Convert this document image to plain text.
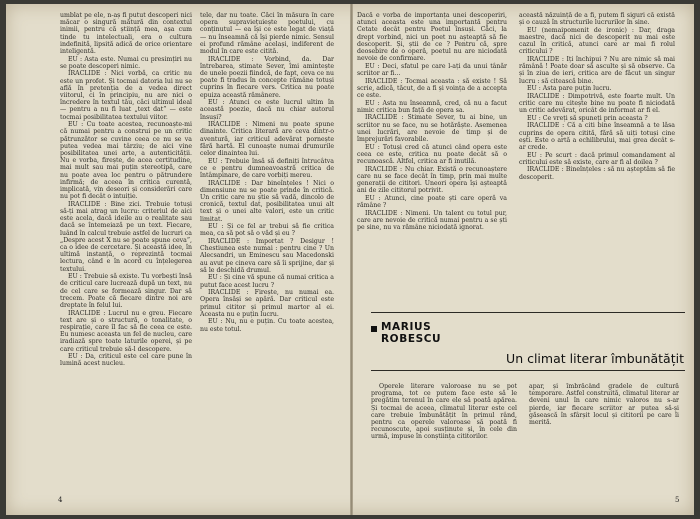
umblat pe ele, n-aș fi putut descoperi nici măcar o singură mătură din contextul inimii, pentru că știință mea, așa cum tinde tu intelectuali, era o cultura indefinită, lipsită adică de orice orientare inteligentă.

EU : Asta este. Numai cu presimțiri nu se poate descoperi nimic.

IRACLIDE : Nici vorbă, ca critic nu este un profet. Și tocmai datoria lui nu se află în pretenția de a vedea direct viitorul, ci în principiu, nu are nici o încredere în textul tău, căci ultimul ideal — pentru a nu fi luat „text dat” — este tocmai posibilitatea textului viitor.

EU : Cu toate acestea, recunoaște-mi că numai pentru a construi pe un critic pătrunzător se cuvine ceea ce nu se va putea vedea mai târziu; de aici vine posibilitatea unei arte, a autenticității. Nu e vorba, firește, de acea certitudine, mai mult sau mai puțin stereotipă, care nu poate avea loc pentru o pătrundere infirmă; de aceea în critica curentă, implicată, vin deseori și considerări care nu pot fi decât o intuiție.

IRACLIDE : Bine zici. Trebuie totuși să-ți mai atrag un lucru: criteriul de aici este acela, dacă ideile au o realitate sau dacă se întemeiază pe un text. Fiecare, luând în calcul trebuie astfel de lucruri ca „Despre acest X nu se poate spune ceva”, ca o idee de cercetare. Și această idee, în ultimă instanță, o reprezintă tocmai lectura, când e în acord cu înțelegerea textului.

EU : Trebuie să existe. Tu vorbești însă de criticul care lucrează după un text, nu de cel care se formează singur. Dar să trecem. Poate că fiecare dintre noi are dreptate în felul lui.

IRACLIDE : Lucrul nu e greu. Fiecare text are și o structură, o tonalitate, o respirație, care îl fac să fie ceea ce este. Eu numesc aceasta un fel de nucleu, care iradiază spre toate laturile operei, și pe care criticul trebuie să-l descopere.

EU : Da, criticul este cel care pune în lumină acest nucleu.

tele, dar nu toate. Căci în măsura în care opera supraviețuiește poetului, cu conținutul — ea își ce este legat de viață — nu înseamnă că își pierde nimic. Sensul ei profund rămâne același, indiferent de modul în care este citită.

IRACLIDE : Vorbind, da. Dar întrebarea, stimate Sever, îmi amintește de unele poezii fiindcă, de fapt, ceva ce nu poate fi tradus în concepte rămâne totuși cuprins în fiecare vers. Critica nu poate epuiza această rămânere.

EU : Atunci ce este lucrul ultim în această poezie, dacă nu chiar autorul însuși?

IRACLIDE : Nimeni nu poate spune dinainte. Critica literară are ceva dintr-o aventură, iar criticul adevărat pornește fără hartă. El cunoaște numai drumurile celor dinaintea lui.

EU : Trebuie însă să definiți întrucâtva ce e pentru dumneavoastră critica de întâmpinare, de care vorbiți mereu.

IRACLIDE : Dar bineînțeles ! Nici o dimensiune nu se poate prinde în critică. Un critic care nu știe să vadă, dincolo de cronică, textul dat, posibilitatea unui alt text și o unei alte valori, este un critic limitat.

EU : Și ce fel ar trebui să fie critica mea, ca să pot să o văd și eu ?

IRACLIDE : Importat ? Desigur ! Chestiunea este numai : pentru cine ? Un Alecsandri, un Eminescu sau Macedonski au avut pe cineva care să îi sprijine, dar și să le deschidă drumul.

EU : Și cine vă spune că numai critica a putut face acest lucru ?

IRACLIDE : Firește, nu numai ea. Opera însăși se apără. Dar criticul este primul cititor și primul martor al ei. Aceasta nu e puțin lucru.

EU : Nu, nu e puțin. Cu toate acestea, nu este totul.

4

Dacă e vorba de importanța unei descoperiri, atunci aceasta este una importantă pentru Cetate decât pentru Poetul însuși. Căci, la drept vorbind, nici un poet nu așteaptă să fie descoperit. Și, știi de ce ? Pentru că, spre deosebire de o operă, poetul nu are niciodată nevoie de confirmare.

EU : Deci, sfatul pe care l-ați da unui tânăr scriitor ar fi...

IRACLIDE : Tocmai aceasta : să existe ! Să scrie, adică, tăcut, de a fi și voința de a accepta ce este.

EU : Asta nu înseamnă, cred, că nu a facut nimic critica bun față de opera sa.

IRACLIDE : Stimate Sever, tu ai bine, un scriitor nu se face, nu se hotărăște. Asemenea unei lucrări, are nevoie de timp și de împrejurări favorabile.

EU : Totuși cred că atunci când opera este ceea ce este, critica nu poate decât să o recunoască. Altfel, critica ar fi inutilă.

IRACLIDE : Nu chiar. Există o recunoaștere care nu se face decât în timp, prin mai multe generații de cititori. Uneori opera își așteaptă ani de zile cititorul potrivit.

EU : Atunci, cine poate ști care operă va rămâne ?

IRACLIDE : Nimeni. Un talent cu totul pur, care are nevoie de critică numai pentru a se ști pe sine, nu va rămâne niciodată ignorat.

această năzuință de a fi, putem fi siguri că există și o cauză în structurile lucrurilor în sine.

EU (nemaipomenit de ironic) : Dar, draga maestre, dacă nici de descoperit nu mai este cazul în critică, atunci care ar mai fi rolul criticului ?

IRACLIDE : Iți închipui ? Nu are nimic să mai rămână ! Poate doar să asculte și să observe. Ca și în ziua de ieri, critica are de făcut un singur lucru : să citească bine.

EU : Asta pare puțin lucru.

IRACLIDE : Dimpotrivă, este foarte mult. Un critic care nu citește bine nu poate fi niciodată un critic adevărat, oricât de informat ar fi el.

EU : Ce vreți să spuneți prin aceasta ?

IRACLIDE : Că a citi bine înseamnă a te lăsa cuprins de opera citită, fără să uiți totuși cine ești. Este o artă a echilibrului, mai grea decât s-ar crede.

EU : Pe scurt : dacă primul comandament al criticului este să existe, care ar fi al doilea ?

IRACLIDE : Bineînțeles : să nu așteptăm să fie descoperit.

MARIUS ROBESCU
Un climat literar îmbunătățit

Operele literare valoroase nu se pot programa, tot ce putem face este să le pregătim terenul în care ele să poată apărea. Și tocmai de aceea, climatul literar este cel care trebuie îmbunătățit în primul rând, pentru ca operele valoroase să poată fi recunoscute, apoi susținute și, în cele din urmă, impuse în conștiința cititorilor.

apar, și îmbrăcând gradele de cultură temporare. Astfel construită, climatul literar ar deveni unul în care nimic valoros nu s-ar pierde, iar fiecare scriitor ar putea să-și găsească în sfârșit locul și cititorii pe care îi merită.

5
